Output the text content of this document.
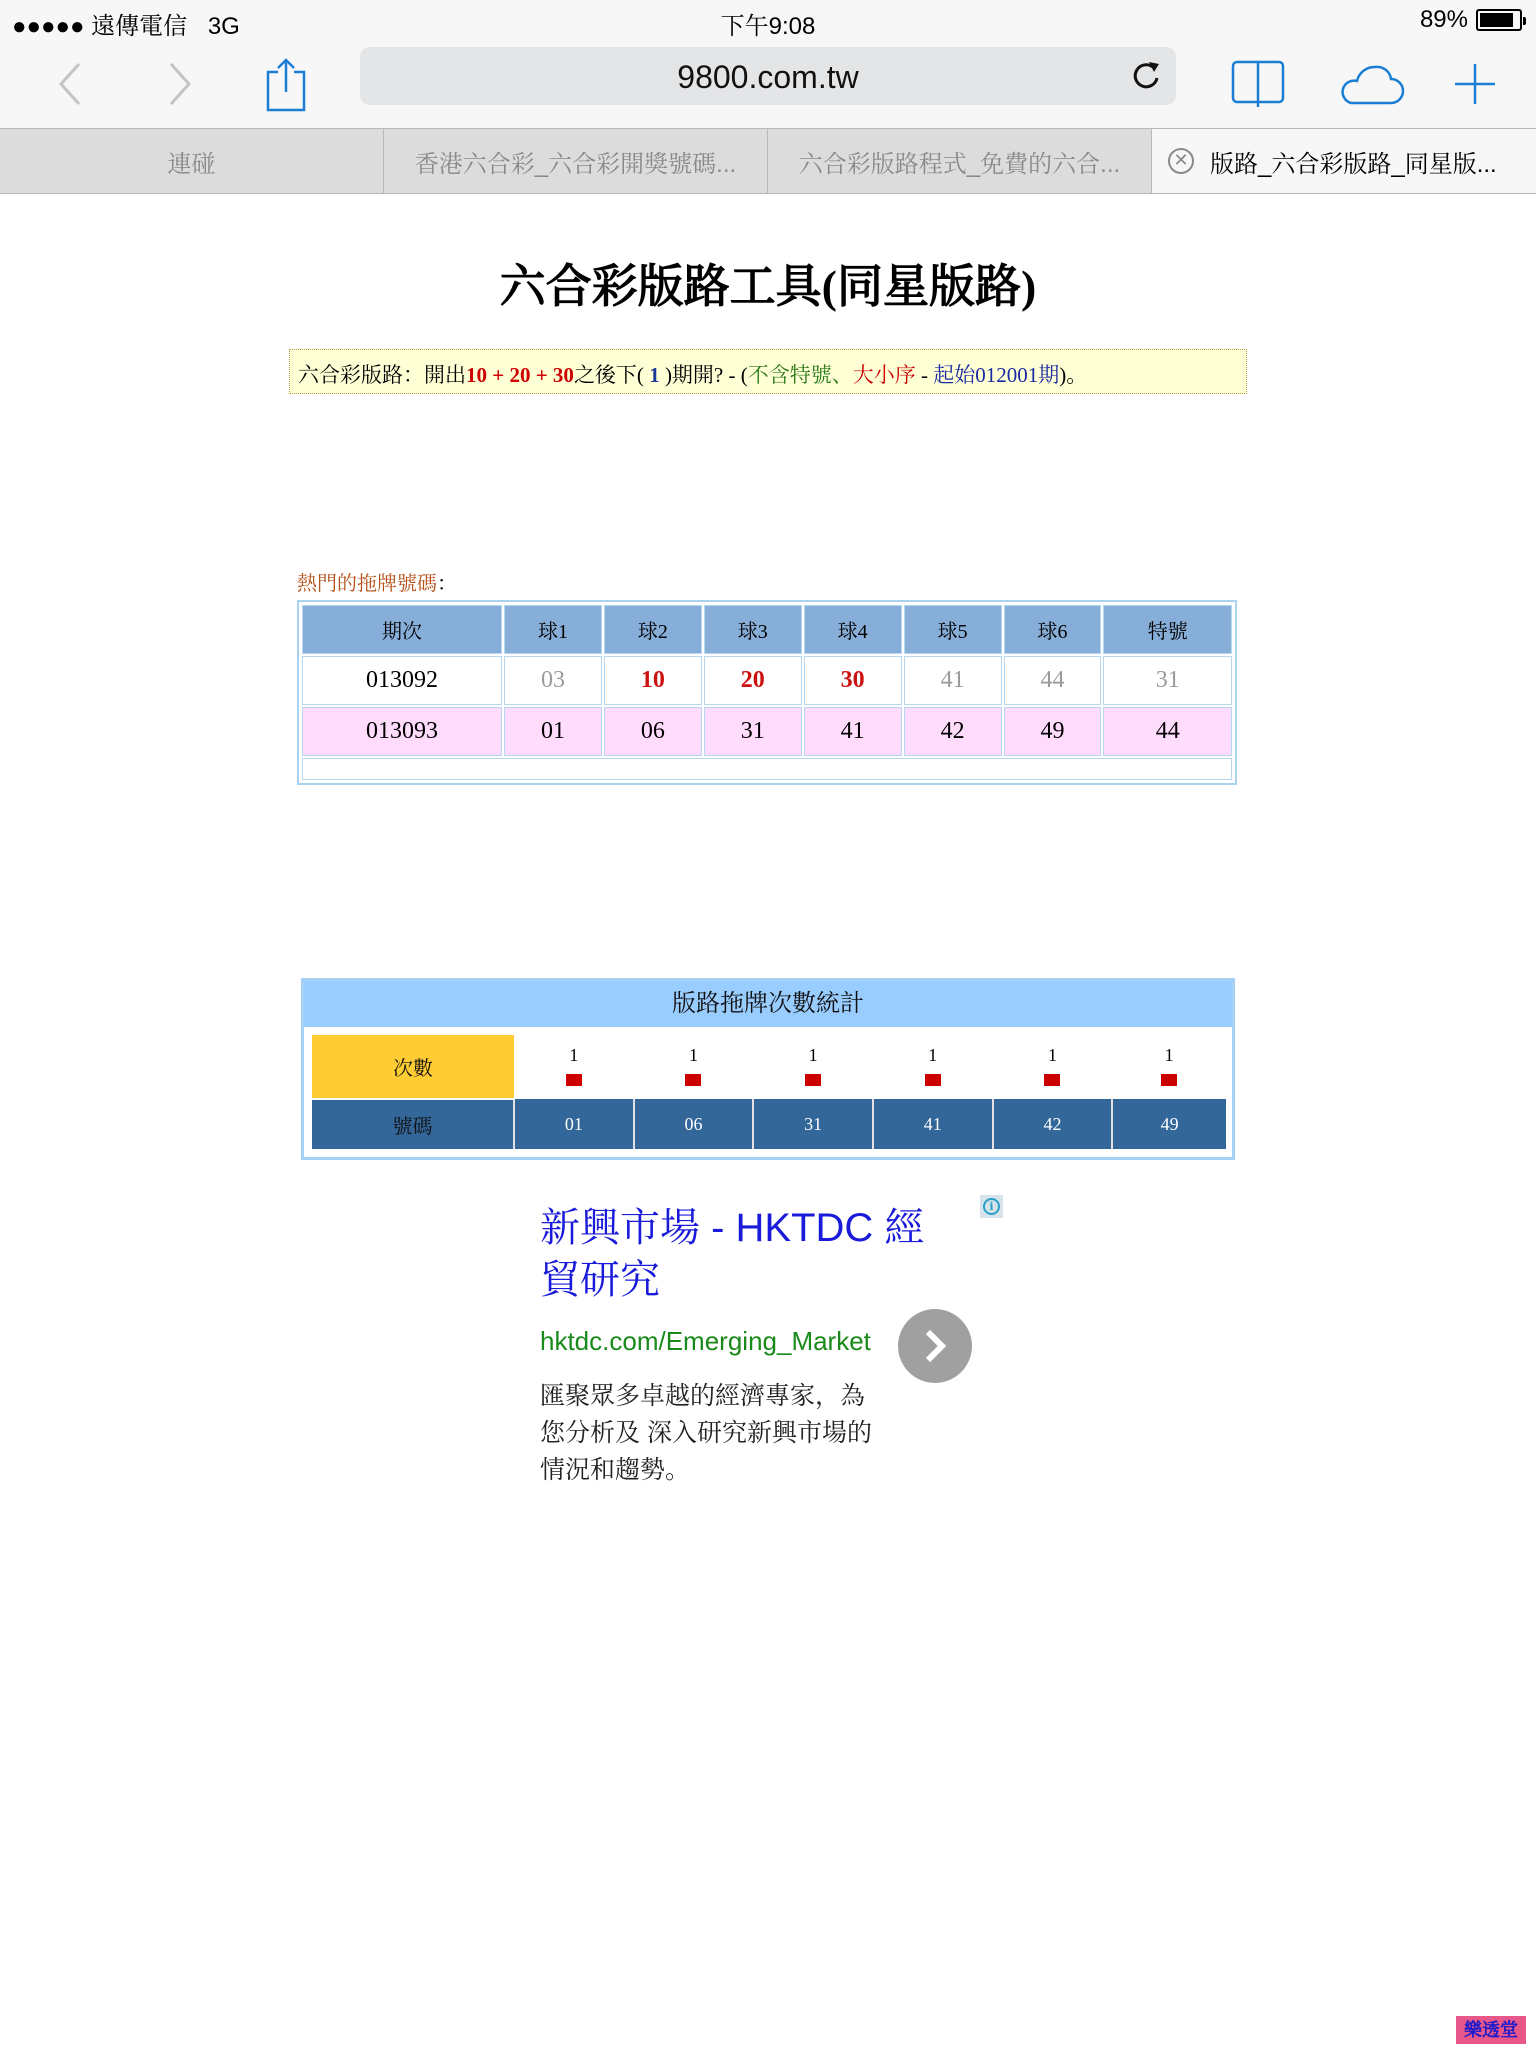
●●●●● 遠傳電信 3G	下午9:08	89%
9800.com.tw
連碰	香港六合彩_六合彩開獎號碼...	六合彩版路程式_免費的六合...	✕ 版路_六合彩版路_同星版...
六合彩版路工具(同星版路)
六合彩版路：開出10 + 20 + 30之後下( 1 )期開? - (不含特號、大小序 - 起始012001期)。
熱門的拖牌號碼：
期次	球1	球2	球3	球4	球5	球6	特號
013092	03	10	20	30	41	44	31
013093	01	06	31	41	42	49	44

版路拖牌次數統計
次數	1	1	1	1	1	1

號碼	01	06	31	41	42	49
i
新興市場 - HKTDC 經貿研究
hktdc.com/Emerging_Market
匯聚眾多卓越的經濟專家，為您分析及 深入研究新興市場的情況和趨勢。
樂透堂
